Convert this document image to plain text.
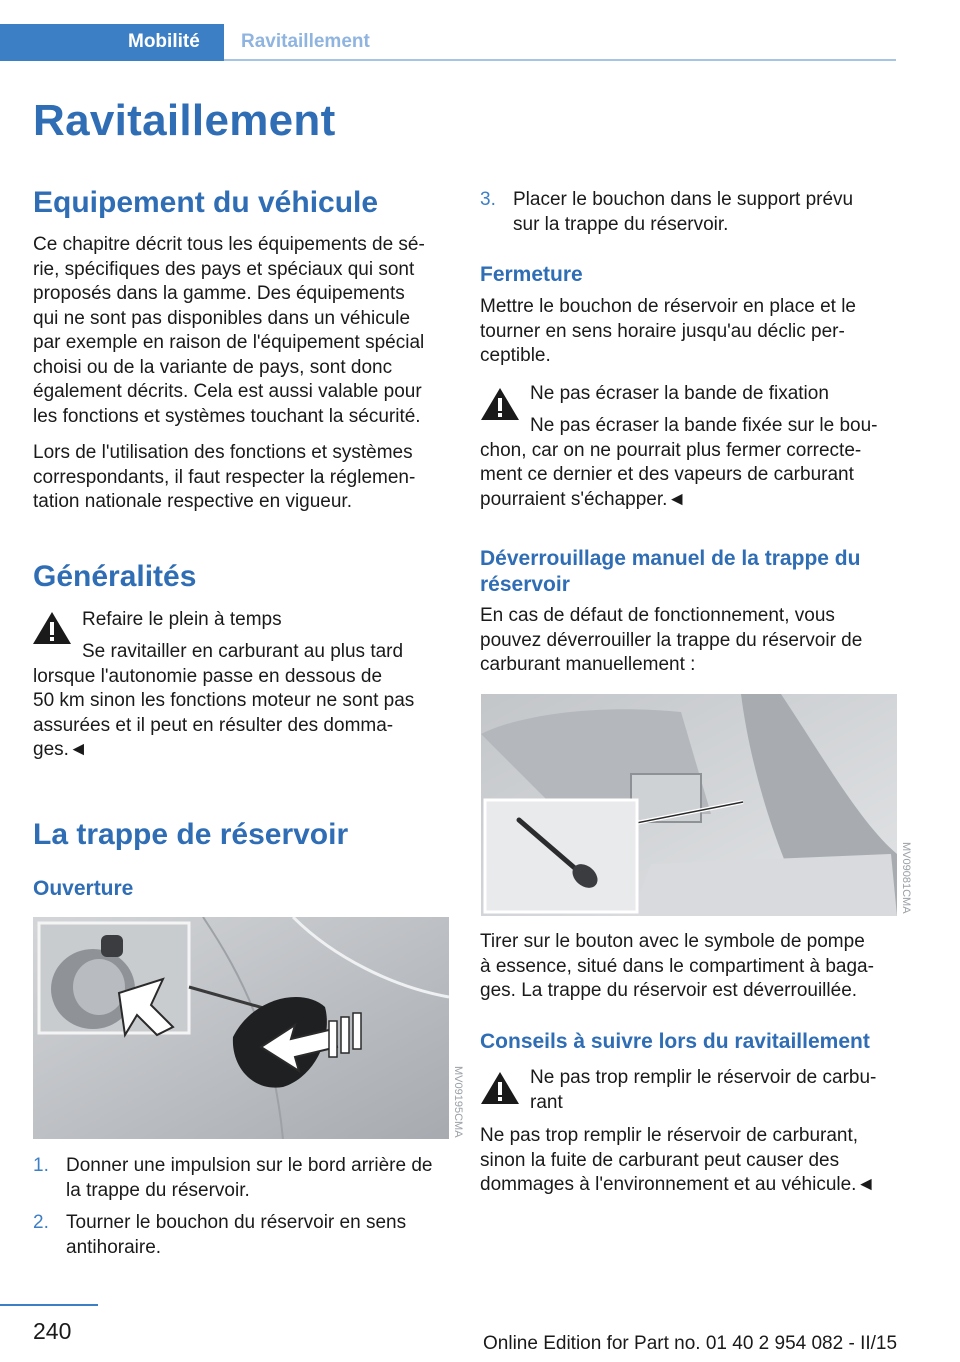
Mobilité Ravitaillement
Ravitaillement
Equipement du véhicule
Ce chapitre décrit tous les équipements de sé-
rie, spécifiques des pays et spéciaux qui sont
proposés dans la gamme. Des équipements
qui ne sont pas disponibles dans un véhicule
par exemple en raison de l'équipement spécial
choisi ou de la variante de pays, sont donc
également décrits. Cela est aussi valable pour
les fonctions et systèmes touchant la sécurité.
Lors de l'utilisation des fonctions et systèmes
correspondants, il faut respecter la réglemen-
tation nationale respective en vigueur.
Généralités
Refaire le plein à temps
Se ravitailler en carburant au plus tard
lorsque l'autonomie passe en dessous de
50 km sinon les fonctions moteur ne sont pas
assurées et il peut en résulter des domma-
ges.◄
La trappe de réservoir
Ouverture
MV09195CMA
1. Donner une impulsion sur le bord arrière de
la trappe du réservoir.
2. Tourner le bouchon du réservoir en sens
antihoraire.
3. Placer le bouchon dans le support prévu
sur la trappe du réservoir.
Fermeture
Mettre le bouchon de réservoir en place et le
tourner en sens horaire jusqu'au déclic per-
ceptible.
Ne pas écraser la bande de fixation
Ne pas écraser la bande fixée sur le bou-
chon, car on ne pourrait plus fermer correcte-
ment ce dernier et des vapeurs de carburant
pourraient s'échapper.◄
Déverrouillage manuel de la trappe du
réservoir
En cas de défaut de fonctionnement, vous
pouvez déverrouiller la trappe du réservoir de
carburant manuellement :
MV09081CMA
Tirer sur le bouton avec le symbole de pompe
à essence, situé dans le compartiment à baga-
ges. La trappe du réservoir est déverrouillée.
Conseils à suivre lors du ravitaillement
Ne pas trop remplir le réservoir de carbu-
rant
Ne pas trop remplir le réservoir de carburant,
sinon la fuite de carburant peut causer des
dommages à l'environnement et au véhicule.◄
240	Online Edition for Part no. 01 40 2 954 082 - II/15
